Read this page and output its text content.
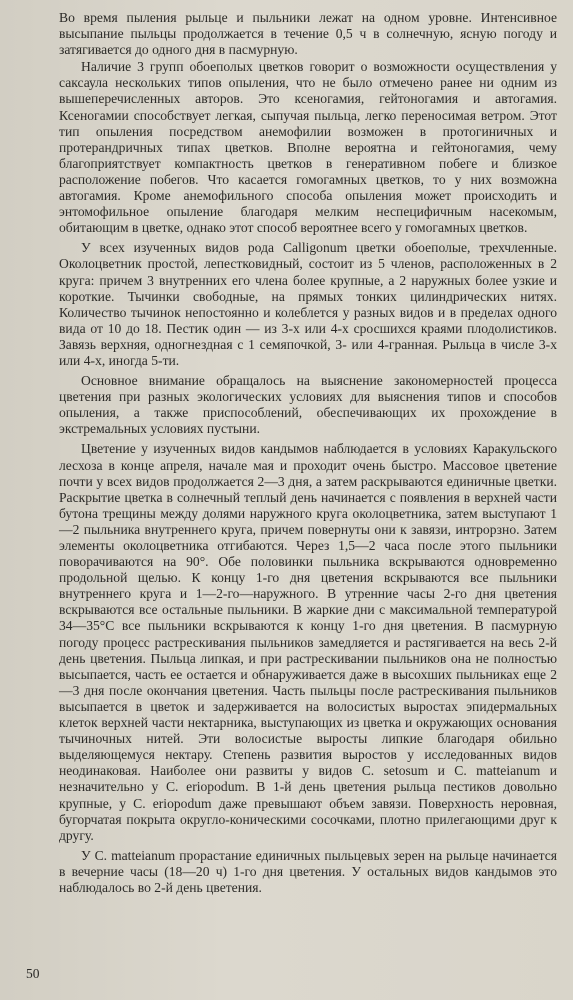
Во время пыления рыльце и пыльники лежат на одном уровне. Интенсивное высыпание пыльцы продолжается в течение 0,5 ч в солнечную, ясную погоду и затягивается до одного дня в пасмурную.

Наличие 3 групп обоеполых цветков говорит о возможности осуществления у саксаула нескольких типов опыления, что не было отмечено ранее ни одним из вышеперечисленных авторов. Это ксеногамия, гейтоногамия и автогамия. Ксеногамии способствует легкая, сыпучая пыльца, легко переносимая ветром. Этот тип опыления посредством анемофилии возможен в протогиничных и протерандричных типах цветков. Вполне вероятна и гейтоногамия, чему благоприятствует компактность цветков в генеративном побеге и близкое расположение побегов. Что касается гомогамных цветков, то у них возможна автогамия. Кроме анемофильного способа опыления может происходить и энтомофильное опыление благодаря мелким неспецифичным насекомым, обитающим в цветке, однако этот способ вероятнее всего у гомогамных цветков.

У всех изученных видов рода Calligonum цветки обоеполые, трехчленные. Околоцветник простой, лепестковидный, состоит из 5 членов, расположенных в 2 круга: причем 3 внутренних его члена более крупные, а 2 наружных более узкие и короткие. Тычинки свободные, на прямых тонких цилиндрических нитях. Количество тычинок непостоянно и колеблется у разных видов и в пределах одного вида от 10 до 18. Пестик один — из 3-х или 4-х сросшихся краями плодолистиков. Завязь верхняя, одногнездная с 1 семяпочкой, 3- или 4-гранная. Рыльца в числе 3-х или 4-х, иногда 5-ти.

Основное внимание обращалось на выяснение закономерностей процесса цветения при разных экологических условиях для выяснения типов и способов опыления, а также приспособлений, обеспечивающих их прохождение в экстремальных условиях пустыни.

Цветение у изученных видов кандымов наблюдается в условиях Каракульского лесхоза в конце апреля, начале мая и проходит очень быстро. Массовое цветение почти у всех видов продолжается 2—3 дня, а затем раскрываются единичные цветки. Раскрытие цветка в солнечный теплый день начинается с появления в верхней части бутона трещины между долями наружного круга околоцветника, затем выступают 1—2 пыльника внутреннего круга, причем повернуты они к завязи, интрорзно. Затем элементы околоцветника отгибаются. Через 1,5—2 часа после этого пыльники поворачиваются на 90°. Обе половинки пыльника вскрываются одновременно продольной щелью. К концу 1-го дня цветения вскрываются все пыльники внутреннего круга и 1—2-го—наружного. В утренние часы 2-го дня цветения вскрываются все остальные пыльники. В жаркие дни с максимальной температурой 34—35°С все пыльники вскрываются к концу 1-го дня цветения. В пасмурную погоду процесс растрескивания пыльников замедляется и растягивается на весь 2-й день цветения. Пыльца липкая, и при растрескивании пыльников она не полностью высыпается, часть ее остается и обнаруживается даже в высохших пыльниках еще 2—3 дня после окончания цветения. Часть пыльцы после растрескивания пыльников высыпается в цветок и задерживается на волосистых выростах эпидермальных клеток верхней части нектарника, выступающих из цветка и окружающих основания тычиночных нитей. Эти волосистые выросты липкие благодаря обильно выделяющемуся нектару. Степень развития выростов у исследованных видов неодинаковая. Наиболее они развиты у видов C. setosum и C. matteianum и незначительно у C. eriopodum. В 1-й день цветения рыльца пестиков довольно крупные, у C. eriopodum даже превышают объем завязи. Поверхность неровная, бугорчатая покрыта округло-коническими сосочками, плотно прилегающими друг к другу.

У C. matteianum прорастание единичных пыльцевых зерен на рыльце начинается в вечерние часы (18—20 ч) 1-го дня цветения. У остальных видов кандымов это наблюдалось во 2-й день цветения.

50
